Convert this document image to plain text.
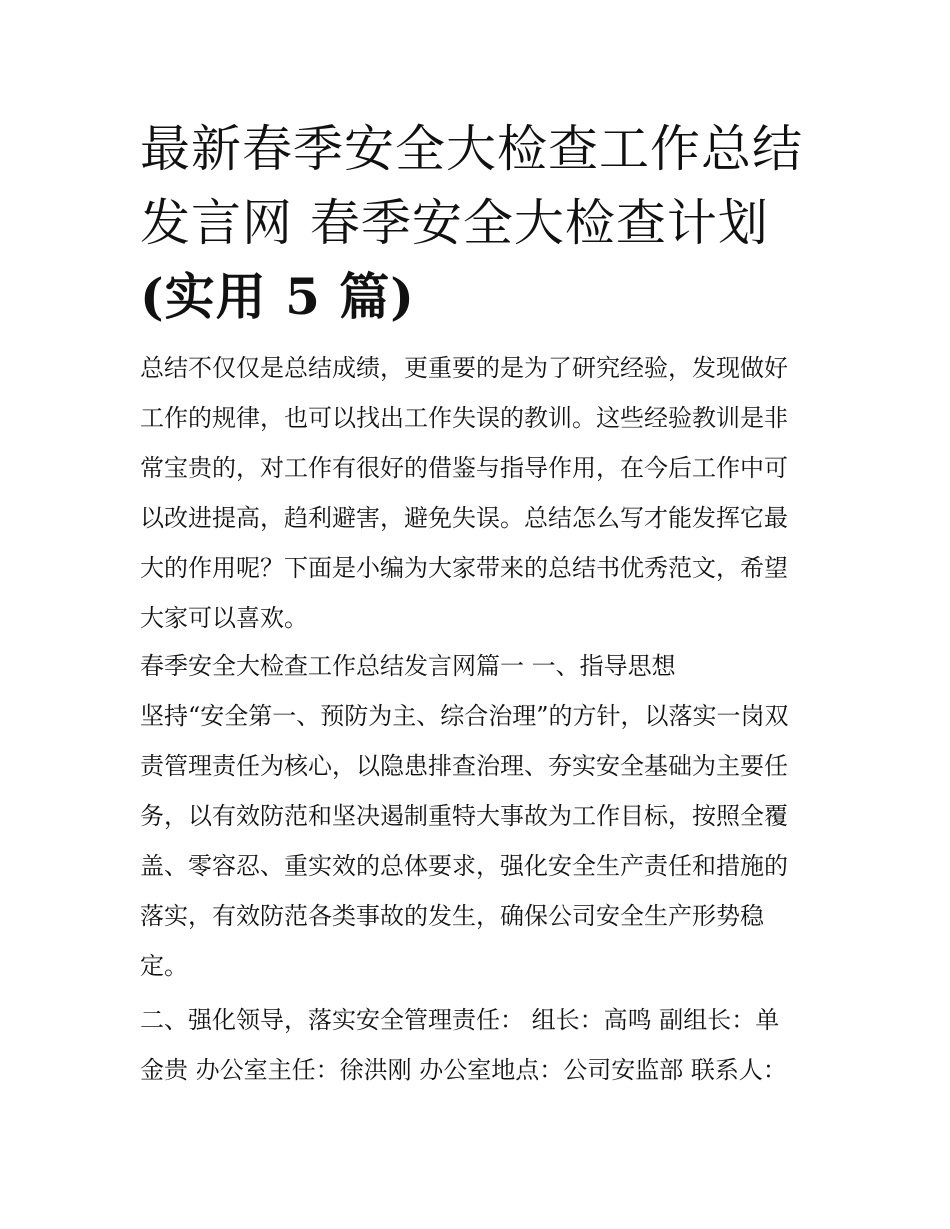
最新春季安全大检查工作总结
发言网 春季安全大检查计划
(实用 5 篇)

总结不仅仅是总结成绩，更重要的是为了研究经验，发现做好
工作的规律，也可以找出工作失误的教训。这些经验教训是非
常宝贵的，对工作有很好的借鉴与指导作用，在今后工作中可
以改进提高，趋利避害，避免失误。总结怎么写才能发挥它最
大的作用呢？下面是小编为大家带来的总结书优秀范文，希望
大家可以喜欢。

春季安全大检查工作总结发言网篇一 一、指导思想

坚持“安全第一、预防为主、综合治理”的方针，以落实一岗双
责管理责任为核心，以隐患排查治理、夯实安全基础为主要任
务，以有效防范和坚决遏制重特大事故为工作目标，按照全覆
盖、零容忍、重实效的总体要求，强化安全生产责任和措施的
落实，有效防范各类事故的发生，确保公司安全生产形势稳
定。

二、强化领导，落实安全管理责任： 组长：高鸣 副组长：单
金贵 办公室主任：徐洪刚 办公室地点：公司安监部 联系人：
